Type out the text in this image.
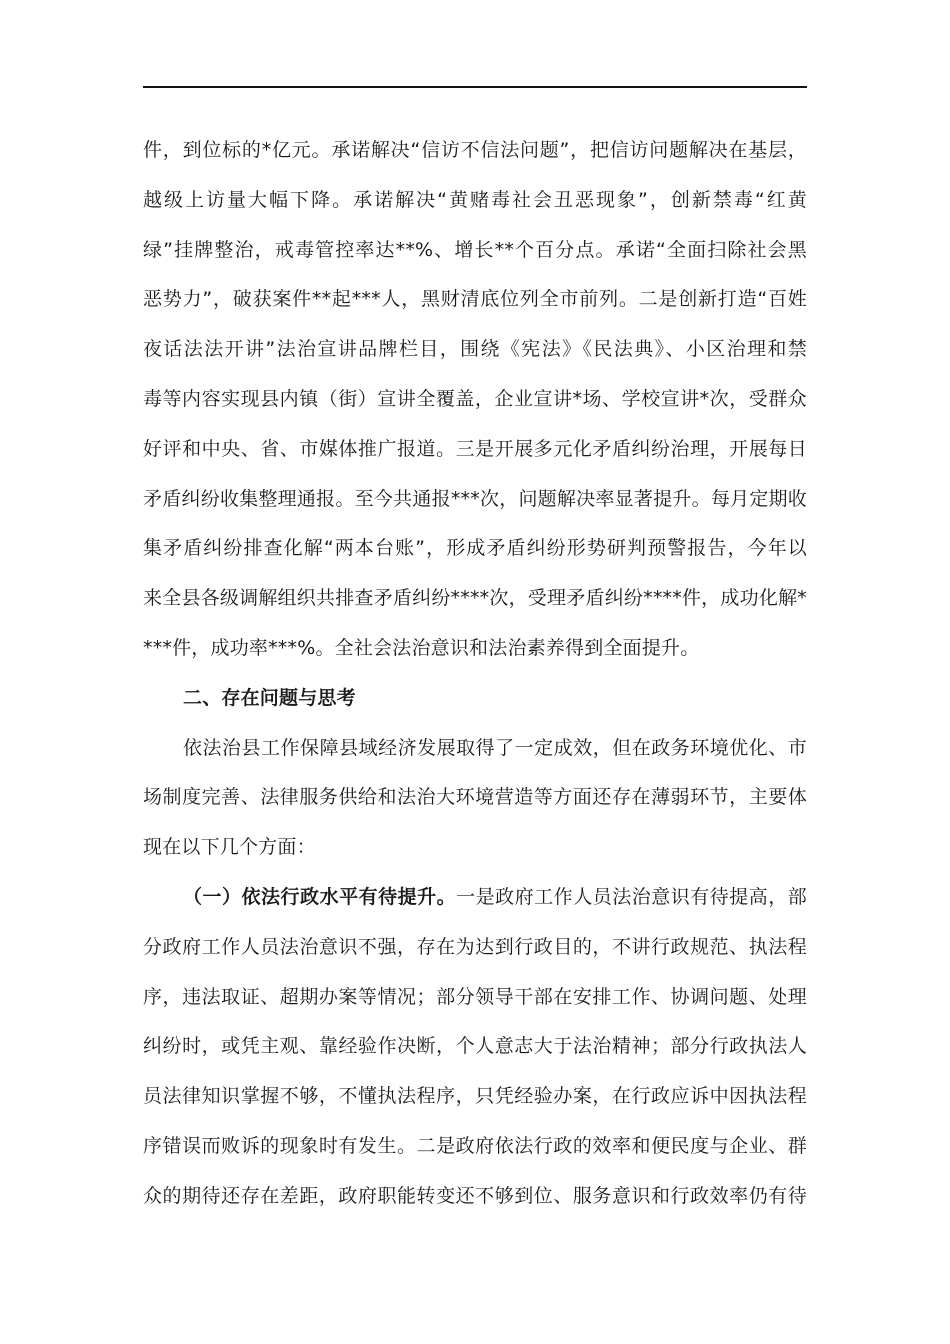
件，到位标的*亿元。承诺解决“信访不信法问题”，把信访问题解决在基层，
越级上访量大幅下降。承诺解决“黄赌毒社会丑恶现象”，创新禁毒“红黄
绿”挂牌整治，戒毒管控率达**%、增长**个百分点。承诺“全面扫除社会黑
恶势力”，破获案件**起***人，黑财清底位列全市前列。二是创新打造“百姓
夜话法法开讲”法治宣讲品牌栏目，围绕《宪法》《民法典》、小区治理和禁
毒等内容实现县内镇（街）宣讲全覆盖，企业宣讲*场、学校宣讲*次，受群众
好评和中央、省、市媒体推广报道。三是开展多元化矛盾纠纷治理，开展每日
矛盾纠纷收集整理通报。至今共通报***次，问题解决率显著提升。每月定期收
集矛盾纠纷排查化解“两本台账”，形成矛盾纠纷形势研判预警报告，今年以
来全县各级调解组织共排查矛盾纠纷****次，受理矛盾纠纷****件，成功化解*
***件，成功率***%。全社会法治意识和法治素养得到全面提升。
二、存在问题与思考
依法治县工作保障县域经济发展取得了一定成效，但在政务环境优化、市
场制度完善、法律服务供给和法治大环境营造等方面还存在薄弱环节，主要体
现在以下几个方面：
（一）依法行政水平有待提升。一是政府工作人员法治意识有待提高，部
分政府工作人员法治意识不强，存在为达到行政目的，不讲行政规范、执法程
序，违法取证、超期办案等情况；部分领导干部在安排工作、协调问题、处理
纠纷时，或凭主观、靠经验作决断，个人意志大于法治精神；部分行政执法人
员法律知识掌握不够，不懂执法程序，只凭经验办案，在行政应诉中因执法程
序错误而败诉的现象时有发生。二是政府依法行政的效率和便民度与企业、群
众的期待还存在差距，政府职能转变还不够到位、服务意识和行政效率仍有待
